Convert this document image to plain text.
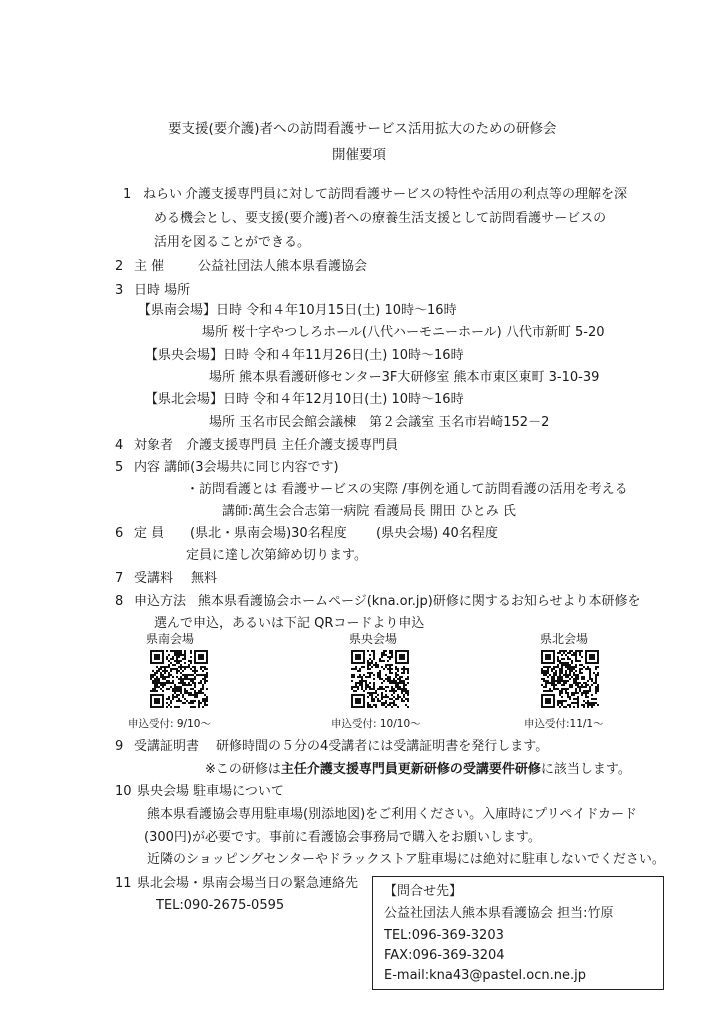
要支援(要介護)者への訪問看護サービス活用拡大のための研修会
開催要項
1 ねらい 介護支援専門員に対して訪問看護サービスの特性や活用の利点等の理解を深
める機会とし、要支援(要介護)者への療養生活支援として訪問看護サービスの
活用を図ることができる。
2 主 催	公益社団法人熊本県看護協会
3 日時 場所
【県南会場】日時 令和４年10月15日(土) 10時～16時
場所 桜十字やつしろホール(八代ハーモニーホール) 八代市新町 5-20
【県央会場】日時 令和４年11月26日(土) 10時～16時
場所 熊本県看護研修センター3F大研修室 熊本市東区東町 3-10-39
【県北会場】日時 令和４年12月10日(土) 10時～16時
場所 玉名市民会館会議棟　第２会議室 玉名市岩崎152－2
4 対象者 介護支援専門員 主任介護支援専門員
5 内容 講師(3会場共に同じ内容です)
・訪問看護とは 看護サービスの実際 /事例を通して訪問看護の活用を考える
講師:萬生会合志第一病院 看護局長 開田 ひとみ 氏
6 定 員 (県北・県南会場)30名程度 (県央会場) 40名程度
定員に達し次第締め切ります。
7 受講料 無料
8 申込方法 熊本県看護協会ホームページ(kna.or.jp)研修に関するお知らせより本研修を
選んで申込，あるいは下記 QRコードより申込
県南会場	県央会場	県北会場
申込受付: 9/10～	申込受付: 10/10～	申込受付:11/1～
9 受講証明書 研修時間の５分の4受講者には受講証明書を発行します。
※この研修は主任介護支援専門員更新研修の受講要件研修に該当します。
10 県央会場 駐車場について
熊本県看護協会専用駐車場(別添地図)をご利用ください。入庫時にプリペイドカード
(300円)が必要です。事前に看護協会事務局で購入をお願いします。
近隣のショッピングセンターやドラックストア駐車場には絶対に駐車しないでください。
11 県北会場・県南会場当日の緊急連絡先
TEL:090-2675-0595
【問合せ先】
公益社団法人熊本県看護協会 担当:竹原
TEL:096-369-3203
FAX:096-369-3204
E-mail:kna43@pastel.ocn.ne.jp
